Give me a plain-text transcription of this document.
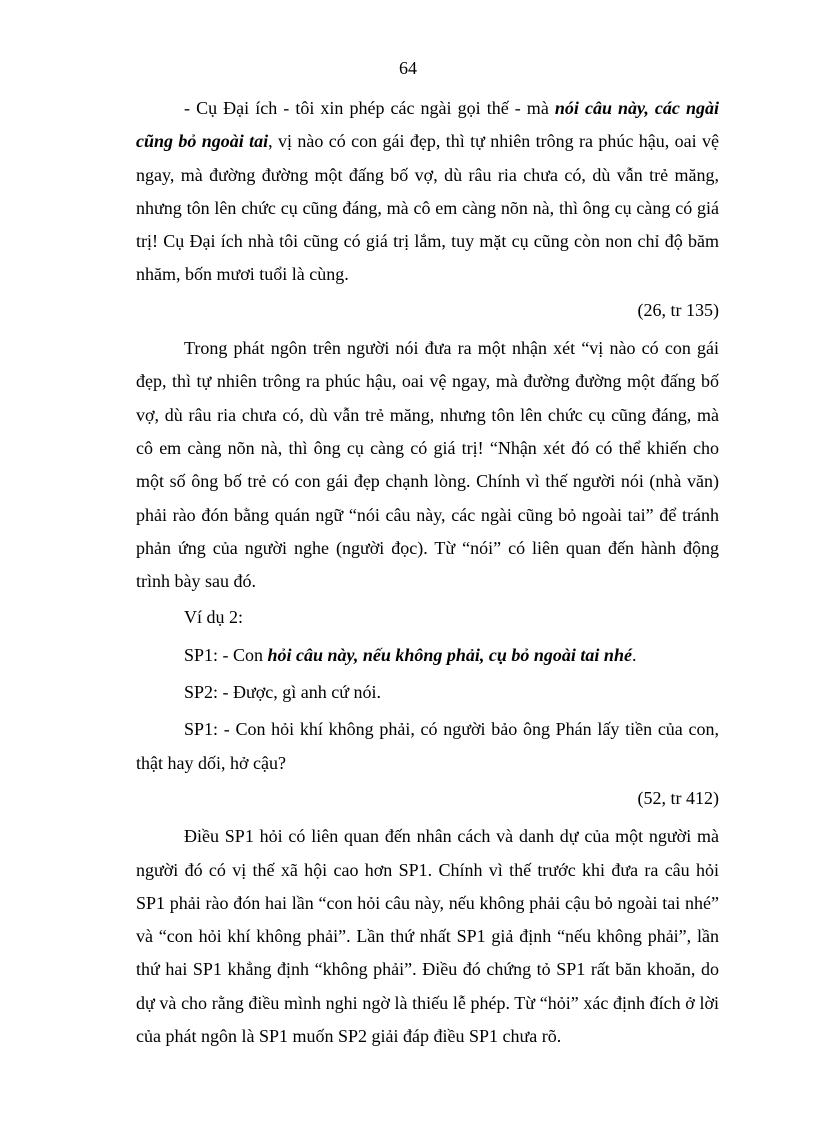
64

- Cụ Đại ích - tôi xin phép các ngài gọi thế - mà nói câu này, các ngài cũng bỏ ngoài tai, vị nào có con gái đẹp, thì tự nhiên trông ra phúc hậu, oai vệ ngay, mà đường đường một đấng bố vợ, dù râu ria chưa có, dù vẫn trẻ măng, nhưng tôn lên chức cụ cũng đáng, mà cô em càng nõn nà, thì ông cụ càng có giá trị! Cụ Đại ích nhà tôi cũng có giá trị lắm, tuy mặt cụ cũng còn non chỉ độ băm nhăm, bốn mươi tuổi là cùng.

(26, tr 135)

Trong phát ngôn trên người nói đưa ra một nhận xét “vị nào có con gái đẹp, thì tự nhiên trông ra phúc hậu, oai vệ ngay, mà đường đường một đấng bố vợ, dù râu ria chưa có, dù vẫn trẻ măng, nhưng tôn lên chức cụ cũng đáng, mà cô em càng nõn nà, thì ông cụ càng có giá trị! “Nhận xét đó có thể khiến cho một số ông bố trẻ có con gái đẹp chạnh lòng. Chính vì thế người nói (nhà văn) phải rào đón bằng quán ngữ “nói câu này, các ngài cũng bỏ ngoài tai” để tránh phản ứng của người nghe (người đọc). Từ “nói” có liên quan đến hành động trình bày sau đó.

Ví dụ 2:

SP1: - Con hỏi câu này, nếu không phải, cụ bỏ ngoài tai nhé.

SP2: - Được, gì anh cứ nói.

SP1: - Con hỏi khí không phải, có người bảo ông Phán lấy tiền của con, thật hay dối, hở cậu?

(52, tr 412)

Điều SP1 hỏi có liên quan đến nhân cách và danh dự của một người mà người đó có vị thế xã hội cao hơn SP1. Chính vì thế trước khi đưa ra câu hỏi SP1 phải rào đón hai lần “con hỏi câu này, nếu không phải cậu bỏ ngoài tai nhé” và “con hỏi khí không phải”. Lần thứ nhất SP1 giả định “nếu không phải”, lần thứ hai SP1 khẳng định “không phải”. Điều đó chứng tỏ SP1 rất băn khoăn, do dự và cho rằng điều mình nghi ngờ là thiếu lễ phép. Từ “hỏi” xác định đích ở lời của phát ngôn là SP1 muốn SP2 giải đáp điều SP1 chưa rõ.
